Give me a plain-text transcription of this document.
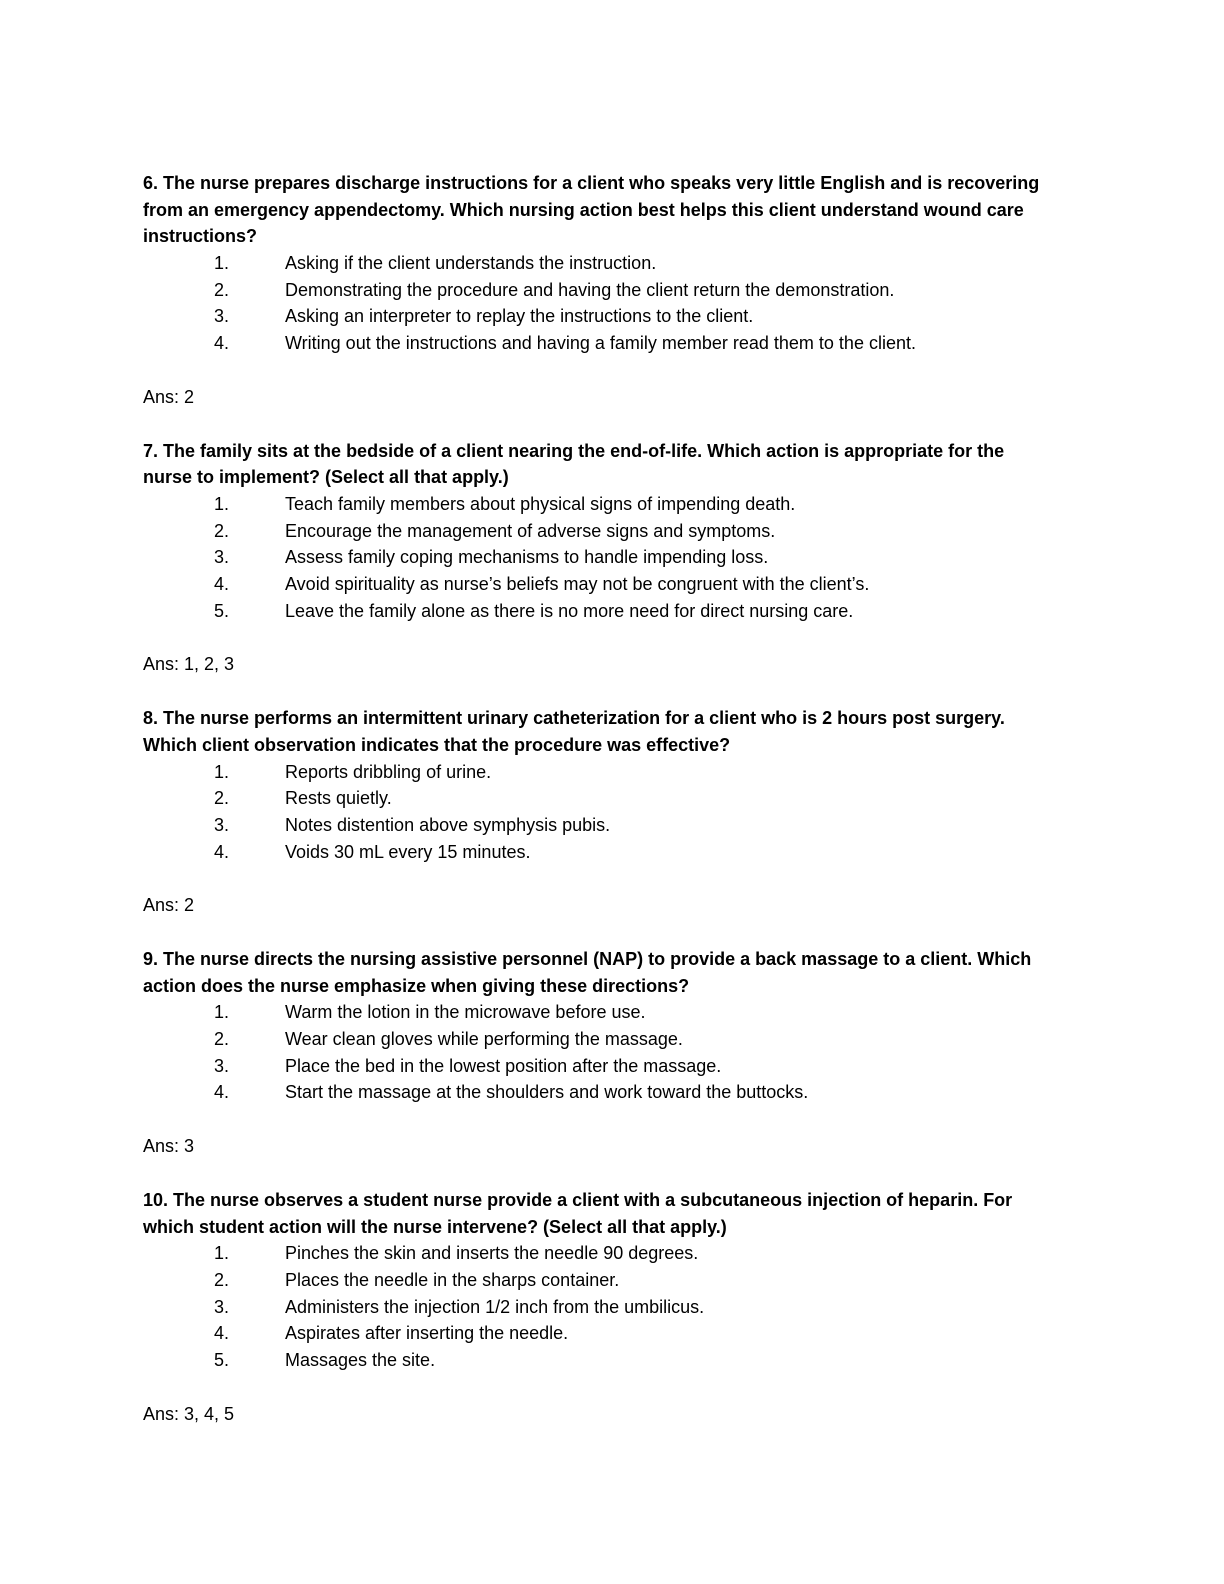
6. The nurse prepares discharge instructions for a client who speaks very little English and is recovering
from an emergency appendectomy. Which nursing action best helps this client understand wound care
instructions?
1.	Asking if the client understands the instruction.
2.	Demonstrating the procedure and having the client return the demonstration.
3.	Asking an interpreter to replay the instructions to the client.
4.	Writing out the instructions and having a family member read them to the client.
Ans: 2
7. The family sits at the bedside of a client nearing the end-of-life. Which action is appropriate for the
nurse to implement? (Select all that apply.)
1.	Teach family members about physical signs of impending death.
2.	Encourage the management of adverse signs and symptoms.
3.	Assess family coping mechanisms to handle impending loss.
4.	Avoid spirituality as nurse’s beliefs may not be congruent with the client’s.
5.	Leave the family alone as there is no more need for direct nursing care.
Ans: 1, 2, 3
8. The nurse performs an intermittent urinary catheterization for a client who is 2 hours post surgery.
Which client observation indicates that the procedure was effective?
1.	Reports dribbling of urine.
2.	Rests quietly.
3.	Notes distention above symphysis pubis.
4.	Voids 30 mL every 15 minutes.
Ans: 2
9. The nurse directs the nursing assistive personnel (NAP) to provide a back massage to a client. Which
action does the nurse emphasize when giving these directions?
1.	Warm the lotion in the microwave before use.
2.	Wear clean gloves while performing the massage.
3.	Place the bed in the lowest position after the massage.
4.	Start the massage at the shoulders and work toward the buttocks.
Ans: 3
10. The nurse observes a student nurse provide a client with a subcutaneous injection of heparin. For
which student action will the nurse intervene? (Select all that apply.)
1.	Pinches the skin and inserts the needle 90 degrees.
2.	Places the needle in the sharps container.
3.	Administers the injection 1/2 inch from the umbilicus.
4.	Aspirates after inserting the needle.
5.	Massages the site.
Ans: 3, 4, 5
